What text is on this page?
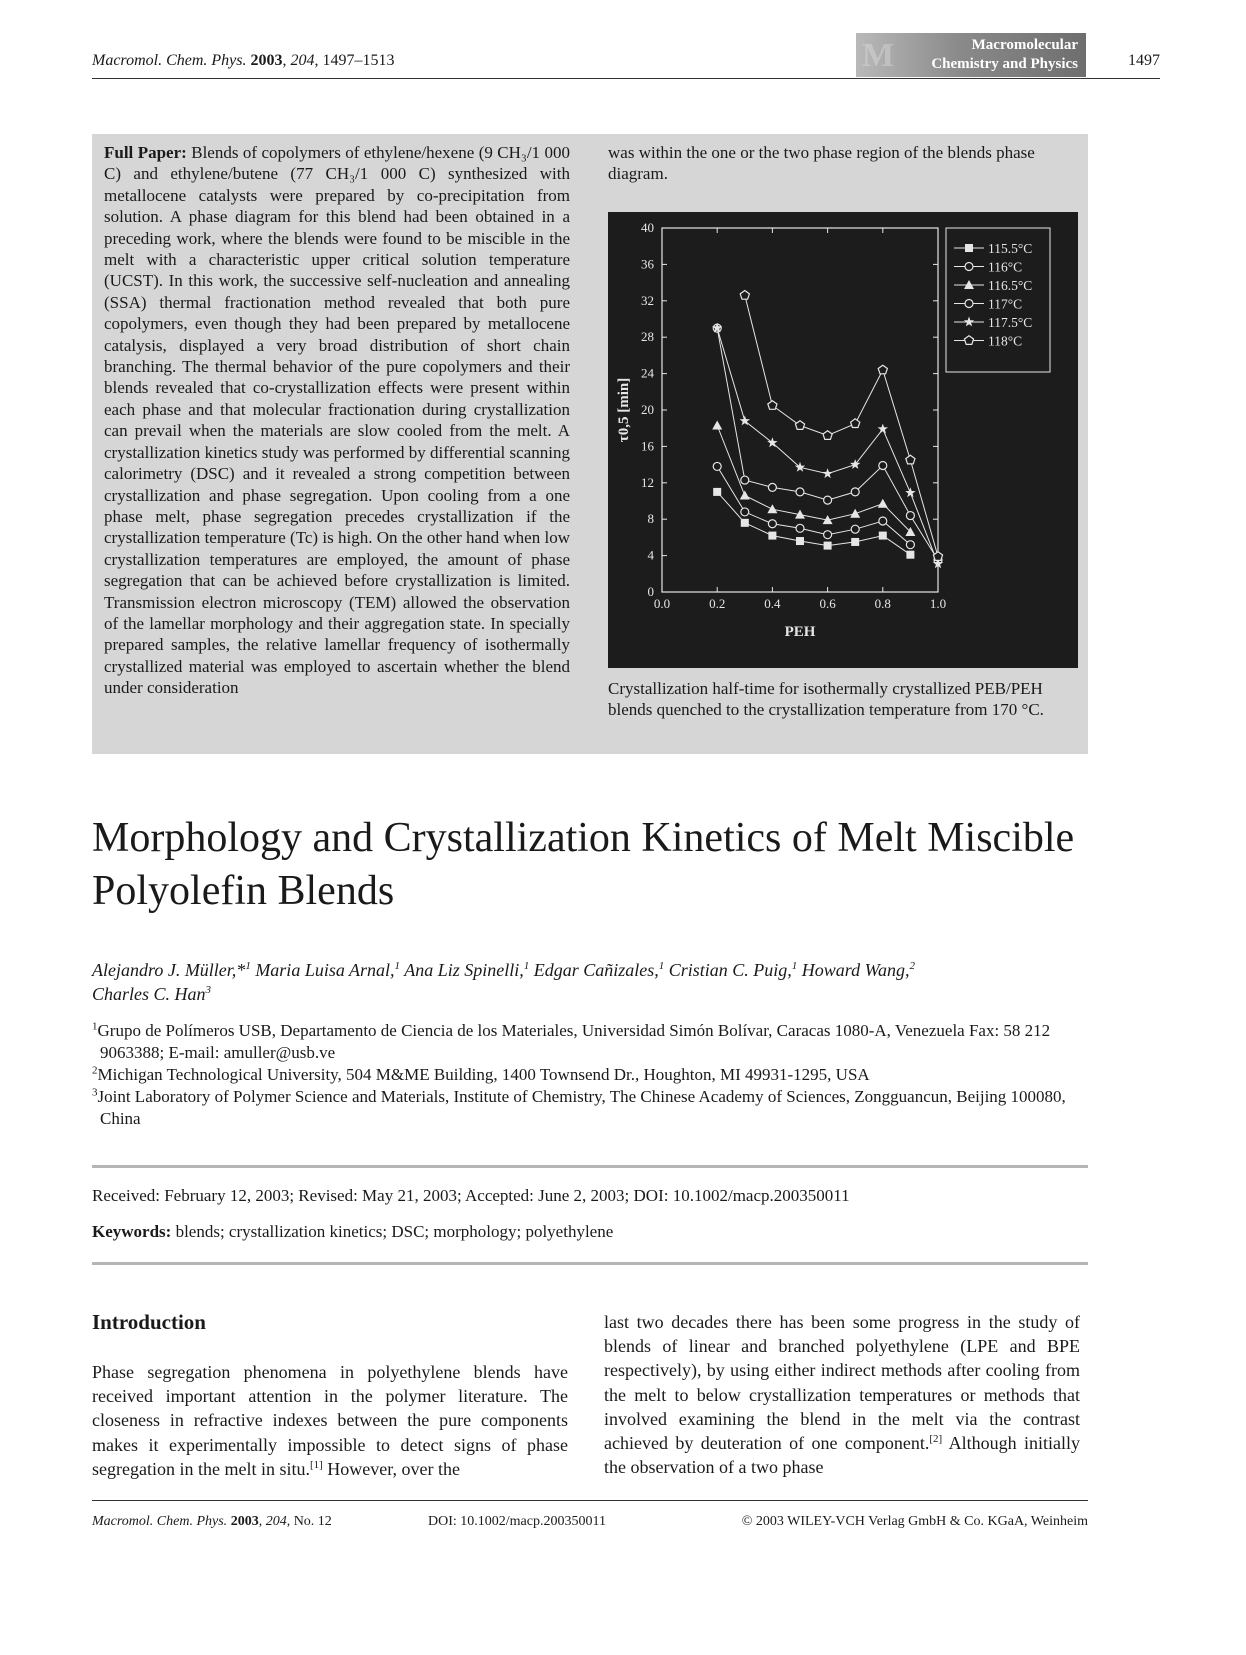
Macromol. Chem. Phys. 2003, 204, 1497–1513	M	Macromolecular
Chemistry and Physics	1497
Full Paper: Blends of copolymers of ethylene/hexene (9 CH₃/1 000 C) and ethylene/butene (77 CH₃/1 000 C) synthesized with metallocene catalysts were prepared by co-precipitation from solution. A phase diagram for this blend had been obtained in a preceding work, where the blends were found to be miscible in the melt with a characteristic upper critical solution temperature (UCST). In this work, the successive self-nucleation and annealing (SSA) thermal fractionation method revealed that both pure copolymers, even though they had been prepared by metallocene catalysis, displayed a very broad distribution of short chain branching. The thermal behavior of the pure copolymers and their blends revealed that co-crystallization effects were present within each phase and that molecular fractionation during crystallization can prevail when the materials are slow cooled from the melt. A crystallization kinetics study was performed by differential scanning calorimetry (DSC) and it revealed a strong competition between crystallization and phase segregation. Upon cooling from a one phase melt, phase segregation precedes crystallization if the crystallization temperature (Tc) is high. On the other hand when low crystallization temperatures are employed, the amount of phase segregation that can be achieved before crystallization is limited. Transmission electron microscopy (TEM) allowed the observation of the lamellar morphology and their aggregation state. In specially prepared samples, the relative lamellar frequency of isothermally crystallized material was employed to ascertain whether the blend under consideration
was within the one or the two phase region of the blends phase diagram.
0
4
8
12
16
20
24
28
32
36
40
0.0	0.2	0.4	0.6	0.8	1.0
PEH
τ0,5 [min]
115.5°C
116°C
116.5°C
117°C
117.5°C
118°C
Crystallization half-time for isothermally crystallized PEB/PEH blends quenched to the crystallization temperature from 170 °C.
Morphology and Crystallization Kinetics of Melt Miscible Polyolefin Blends
Alejandro J. Müller,*$^1$ Maria Luisa Arnal,$^1$ Ana Liz Spinelli,$^1$ Edgar Cañizales,$^1$ Cristian C. Puig,$^1$ Howard Wang,$^2$
Charles C. Han$^3$
$^1$Grupo de Polímeros USB, Departamento de Ciencia de los Materiales, Universidad Simón Bolívar, Caracas 1080-A, Venezuela Fax: 58 212 9063388; E-mail: amuller@usb.ve
$^2$Michigan Technological University, 504 M&ME Building, 1400 Townsend Dr., Houghton, MI 49931-1295, USA
$^3$Joint Laboratory of Polymer Science and Materials, Institute of Chemistry, The Chinese Academy of Sciences, Zongguancun, Beijing 100080, China
Received: February 12, 2003; Revised: May 21, 2003; Accepted: June 2, 2003; DOI: 10.1002/macp.200350011
Keywords: blends; crystallization kinetics; DSC; morphology; polyethylene
Introduction
Phase segregation phenomena in polyethylene blends have received important attention in the polymer literature. The closeness in refractive indexes between the pure components makes it experimentally impossible to detect signs of phase segregation in the melt in situ.[1] However, over the
last two decades there has been some progress in the study of blends of linear and branched polyethylene (LPE and BPE respectively), by using either indirect methods after cooling from the melt to below crystallization temperatures or methods that involved examining the blend in the melt via the contrast achieved by deuteration of one component.[2] Although initially the observation of a two phase
Macromol. Chem. Phys. 2003, 204, No. 12	DOI: 10.1002/macp.200350011	© 2003 WILEY-VCH Verlag GmbH & Co. KGaA, Weinheim
